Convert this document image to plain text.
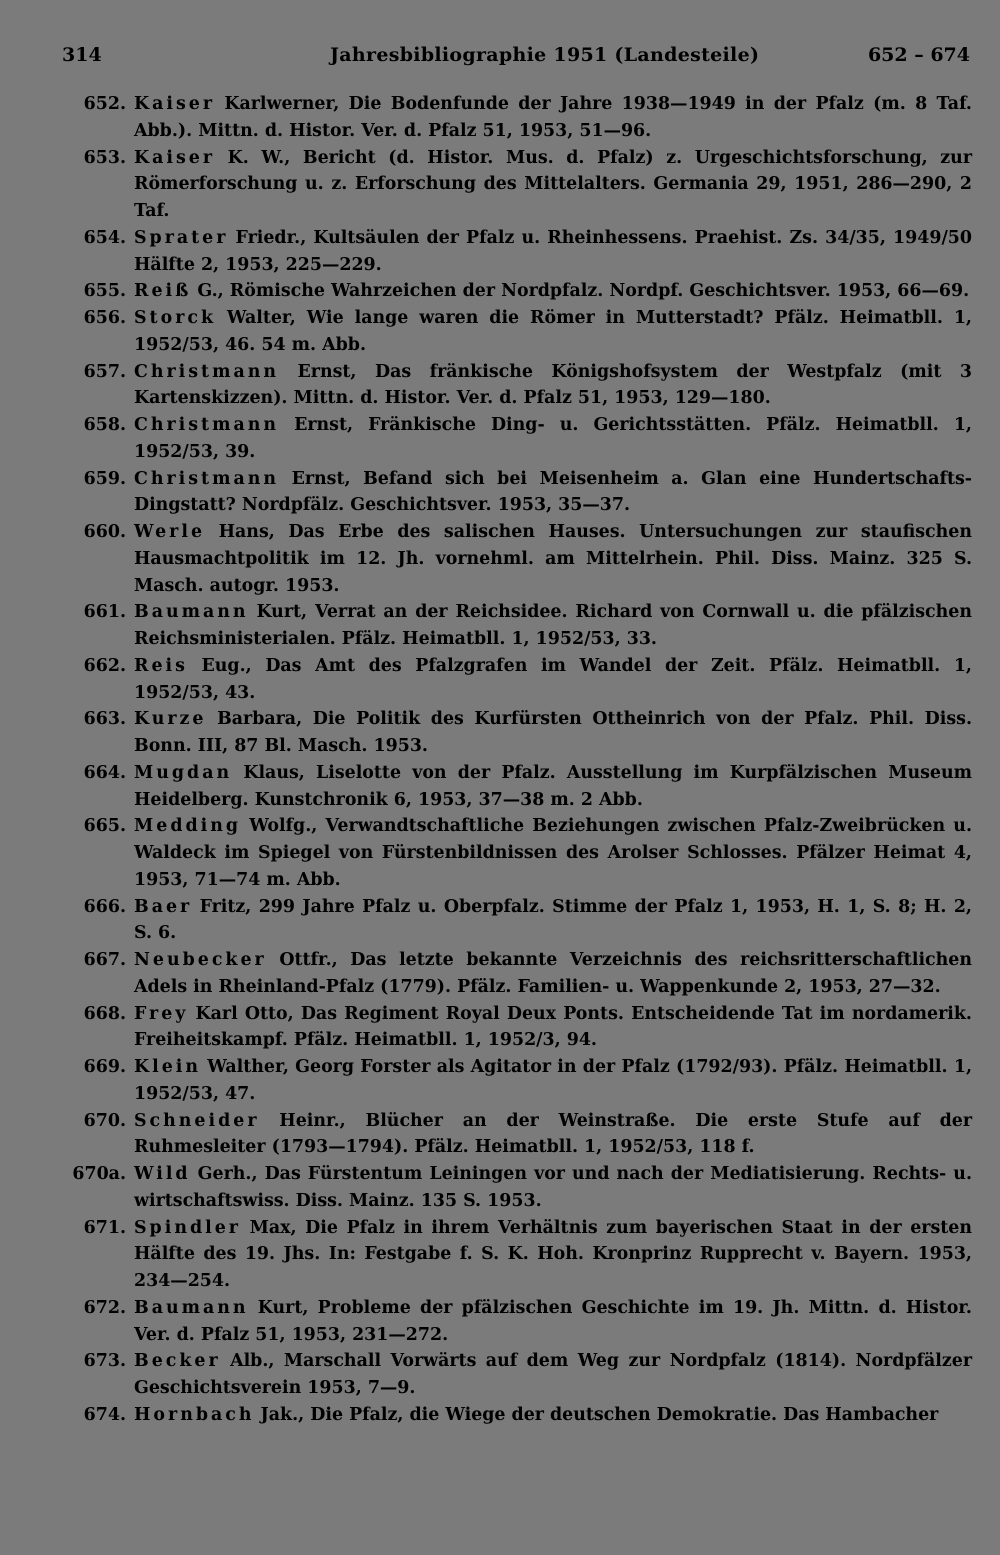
314	Jahresbibliographie 1951 (Landesteile)	652 – 674
652. Kaiser Karlwerner, Die Bodenfunde der Jahre 1938—1949 in der Pfalz (m. 8 Taf. Abb.). Mittn. d. Histor. Ver. d. Pfalz 51, 1953, 51—96.
653. Kaiser K. W., Bericht (d. Histor. Mus. d. Pfalz) z. Urgeschichtsforschung, zur Römerforschung u. z. Erforschung des Mittelalters. Germania 29, 1951, 286—290, 2 Taf.
654. Sprater Friedr., Kultsäulen der Pfalz u. Rheinhessens. Praehist. Zs. 34/35, 1949/50 Hälfte 2, 1953, 225—229.
655. Reiß G., Römische Wahrzeichen der Nordpfalz. Nordpf. Geschichtsver. 1953, 66—69.
656. Storck Walter, Wie lange waren die Römer in Mutterstadt? Pfälz. Heimatbll. 1, 1952/53, 46. 54 m. Abb.
657. Christmann Ernst, Das fränkische Königshofsystem der Westpfalz (mit 3 Kartenskizzen). Mittn. d. Histor. Ver. d. Pfalz 51, 1953, 129—180.
658. Christmann Ernst, Fränkische Ding- u. Gerichtsstätten. Pfälz. Heimatbll. 1, 1952/53, 39.
659. Christmann Ernst, Befand sich bei Meisenheim a. Glan eine Hundertschafts-Dingstatt? Nordpfälz. Geschichtsver. 1953, 35—37.
660. Werle Hans, Das Erbe des salischen Hauses. Untersuchungen zur staufischen Hausmachtpolitik im 12. Jh. vornehml. am Mittelrhein. Phil. Diss. Mainz. 325 S. Masch. autogr. 1953.
661. Baumann Kurt, Verrat an der Reichsidee. Richard von Cornwall u. die pfälzischen Reichsministerialen. Pfälz. Heimatbll. 1, 1952/53, 33.
662. Reis Eug., Das Amt des Pfalzgrafen im Wandel der Zeit. Pfälz. Heimatbll. 1, 1952/53, 43.
663. Kurze Barbara, Die Politik des Kurfürsten Ottheinrich von der Pfalz. Phil. Diss. Bonn. III, 87 Bl. Masch. 1953.
664. Mugdan Klaus, Liselotte von der Pfalz. Ausstellung im Kurpfälzischen Museum Heidelberg. Kunstchronik 6, 1953, 37—38 m. 2 Abb.
665. Medding Wolfg., Verwandtschaftliche Beziehungen zwischen Pfalz-Zweibrücken u. Waldeck im Spiegel von Fürstenbildnissen des Arolser Schlosses. Pfälzer Heimat 4, 1953, 71—74 m. Abb.
666. Baer Fritz, 299 Jahre Pfalz u. Oberpfalz. Stimme der Pfalz 1, 1953, H. 1, S. 8; H. 2, S. 6.
667. Neubecker Ottfr., Das letzte bekannte Verzeichnis des reichsritterschaftlichen Adels in Rheinland-Pfalz (1779). Pfälz. Familien- u. Wappenkunde 2, 1953, 27—32.
668. Frey Karl Otto, Das Regiment Royal Deux Ponts. Entscheidende Tat im nordamerik. Freiheitskampf. Pfälz. Heimatbll. 1, 1952/3, 94.
669. Klein Walther, Georg Forster als Agitator in der Pfalz (1792/93). Pfälz. Heimatbll. 1, 1952/53, 47.
670. Schneider Heinr., Blücher an der Weinstraße. Die erste Stufe auf der Ruhmesleiter (1793—1794). Pfälz. Heimatbll. 1, 1952/53, 118 f.
670a. Wild Gerh., Das Fürstentum Leiningen vor und nach der Mediatisierung. Rechts- u. wirtschaftswiss. Diss. Mainz. 135 S. 1953.
671. Spindler Max, Die Pfalz in ihrem Verhältnis zum bayerischen Staat in der ersten Hälfte des 19. Jhs. In: Festgabe f. S. K. Hoh. Kronprinz Rupprecht v. Bayern. 1953, 234—254.
672. Baumann Kurt, Probleme der pfälzischen Geschichte im 19. Jh. Mittn. d. Histor. Ver. d. Pfalz 51, 1953, 231—272.
673. Becker Alb., Marschall Vorwärts auf dem Weg zur Nordpfalz (1814). Nordpfälzer Geschichtsverein 1953, 7—9.
674. Hornbach Jak., Die Pfalz, die Wiege der deutschen Demokratie. Das Hambacher
